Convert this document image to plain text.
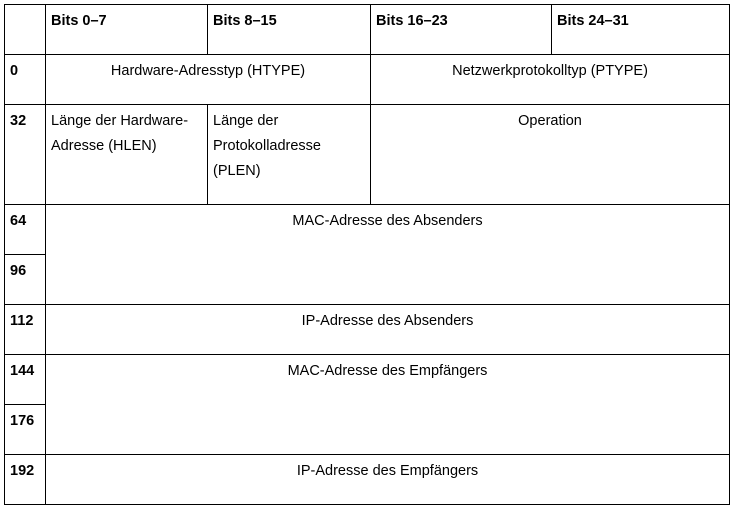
	Bits 0–7	Bits 8–15	Bits 16–23	Bits 24–31
0	Hardware-Adresstyp (HTYPE)		Netzwerkprotokolltyp (PTYPE)	
32	Länge der Hardware-Adresse (HLEN)	Länge der Protokolladresse (PLEN)	Operation	
64	MAC-Adresse des Absenders			
96				
112	IP-Adresse des Absenders			
144	MAC-Adresse des Empfängers			
176				
192	IP-Adresse des Empfängers			
